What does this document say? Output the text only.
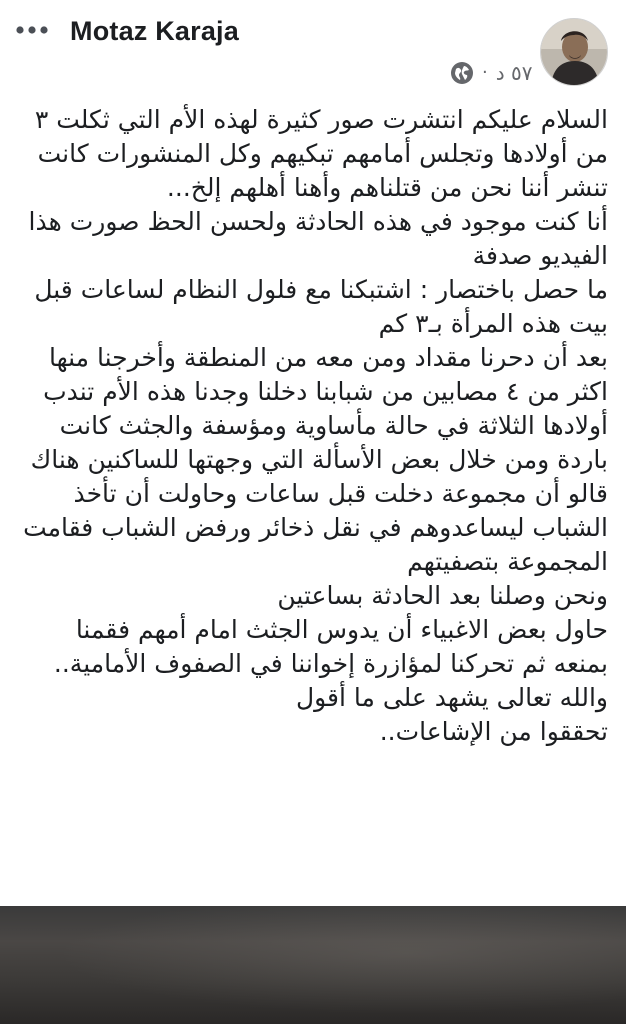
Motaz Karaja
· ٥٧ د
السلام عليكم انتشرت صور كثيرة لهذه الأم التي ثكلت ٣
من أولادها وتجلس أمامهم تبكيهم وكل المنشورات كانت
تنشر أننا نحن من قتلناهم وأهنا أهلهم إلخ...
أنا كنت موجود في هذه الحادثة ولحسن الحظ صورت هذا
الفيديو صدفة
ما حصل باختصار : اشتبكنا مع فلول النظام لساعات قبل
بيت هذه المرأة بـ٣ كم
بعد أن دحرنا مقداد ومن معه من المنطقة وأخرجنا منها
اكثر من ٤ مصابين من شبابنا دخلنا وجدنا هذه الأم تندب
أولادها الثلاثة في حالة مأساوية ومؤسفة والجثث كانت
باردة ومن خلال بعض الأسألة التي وجهتها للساكنين هناك
قالو أن مجموعة دخلت قبل ساعات وحاولت أن تأخذ
الشباب ليساعدوهم في نقل ذخائر ورفض الشباب فقامت
المجموعة بتصفيتهم
ونحن وصلنا بعد الحادثة بساعتين
حاول بعض الاغبياء أن يدوس الجثث امام أمهم فقمنا
بمنعه ثم تحركنا لمؤازرة إخواننا في الصفوف الأمامية..
والله تعالى يشهد على ما أقول
تحققوا من الإشاعات..
